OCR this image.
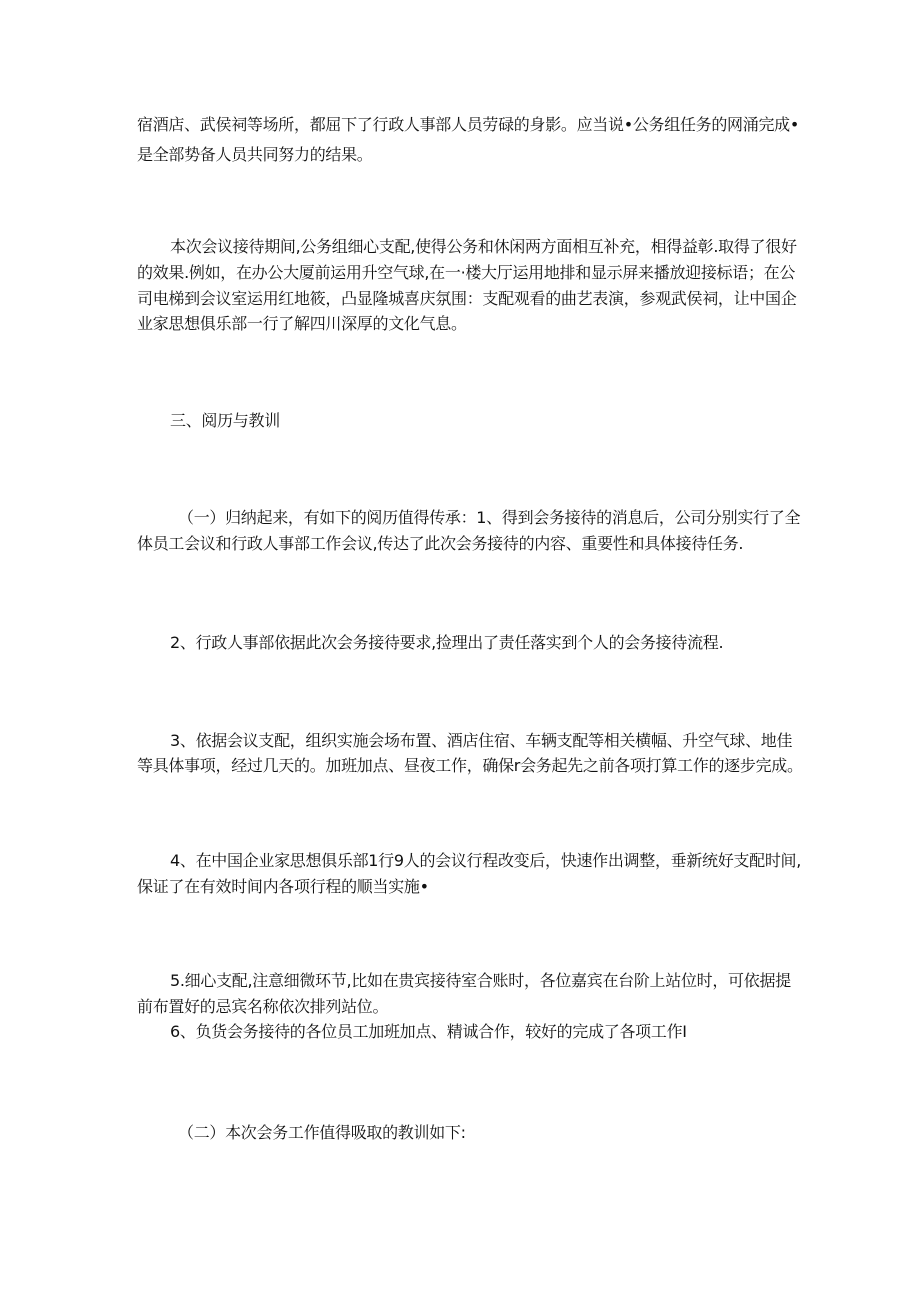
宿酒店、武侯祠等场所，都屈下了行政人事部人员劳碌的身影。应当说•公务组任务的网涌完成•

是全部势备人员共同努力的结果。

本次会议接待期间,公务组细心支配,使得公务和休闲两方面相互补充，相得益彰.取得了很好

的效果.例如，在办公大厦前运用升空气球,在一·楼大厅运用地排和显示屏来播放迎接标语；在公

司电梯到会议室运用红地筱，凸显隆城喜庆氛围：支配观看的曲艺表演，参观武侯祠，让中国企

业家思想俱乐部一行了解四川深厚的文化气息。

三、阅历与教训

（一）归纳起来，有如下的阅历值得传承：1、得到会务接待的消息后，公司分别实行了全

体员工会议和行政人事部工作会议,传达了此次会务接待的内容、重要性和具体接待任务.

2、行政人事部依据此次会务接待要求,捡理出了责任落实到个人的会务接待流程.

3、依据会议支配，组织实施会场布置、酒店住宿、车辆支配等相关横幅、升空气球、地佳

等具体事项，经过几天的。加班加点、昼夜工作，确保r会务起先之前各项打算工作的逐步完成。

4、在中国企业家思想俱乐部1行9人的会议行程改变后，快速作出调整，垂新统好支配时间,

保证了在有效时间内各项行程的顺当实施•

5.细心支配,注意细微环节,比如在贵宾接待室合账时，各位嘉宾在台阶上站位时，可依据提

前布置好的忌宾名称依次排列站位。

6、负货会务接待的各位员工加班加点、精诚合作，较好的完成了各项工作I

（二）本次会务工作值得吸取的教训如下:
